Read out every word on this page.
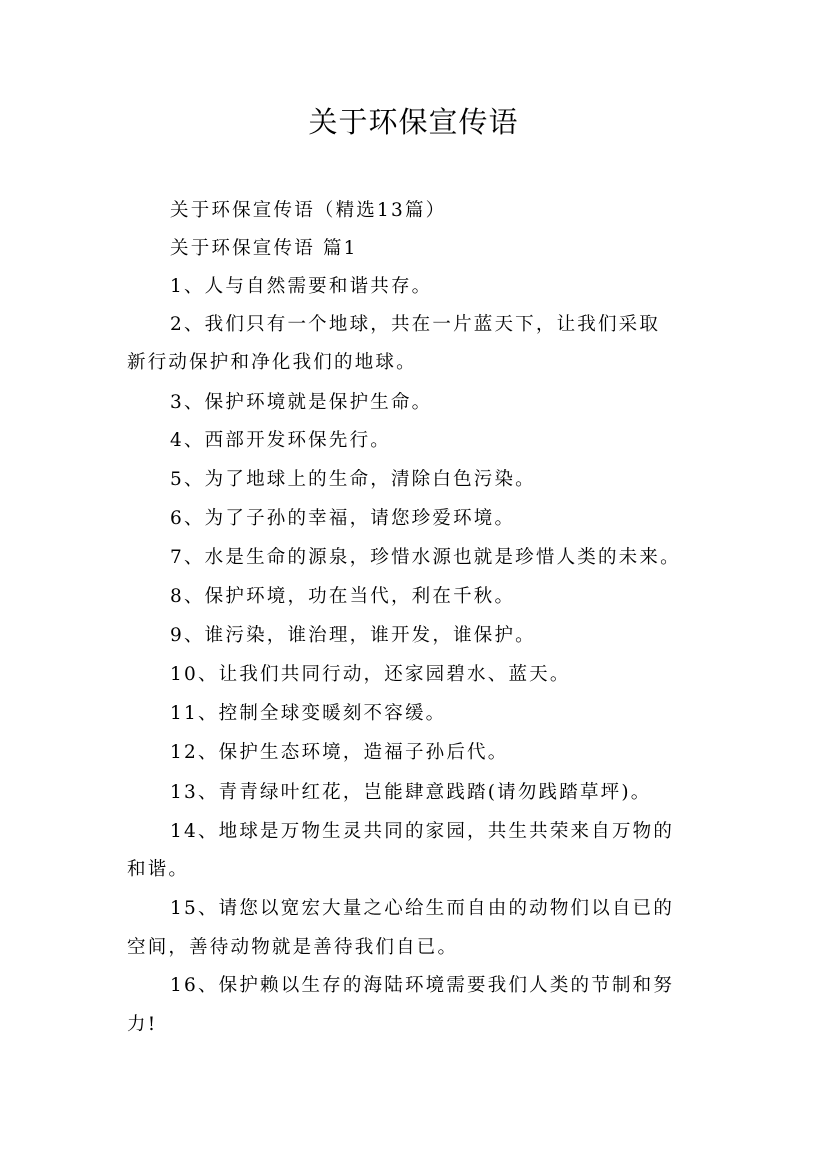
关于环保宣传语
关于环保宣传语（精选13篇）
关于环保宣传语 篇1
1、人与自然需要和谐共存。
2、我们只有一个地球，共在一片蓝天下，让我们采取
新行动保护和净化我们的地球。
3、保护环境就是保护生命。
4、西部开发环保先行。
5、为了地球上的生命，清除白色污染。
6、为了子孙的幸福，请您珍爱环境。
7、水是生命的源泉，珍惜水源也就是珍惜人类的未来。
8、保护环境，功在当代，利在千秋。
9、谁污染，谁治理，谁开发，谁保护。
10、让我们共同行动，还家园碧水、蓝天。
11、控制全球变暖刻不容缓。
12、保护生态环境，造福子孙后代。
13、青青绿叶红花，岂能肆意践踏(请勿践踏草坪)。
14、地球是万物生灵共同的家园，共生共荣来自万物的
和谐。
15、请您以宽宏大量之心给生而自由的动物们以自已的
空间，善待动物就是善待我们自已。
16、保护赖以生存的海陆环境需要我们人类的节制和努
力!
